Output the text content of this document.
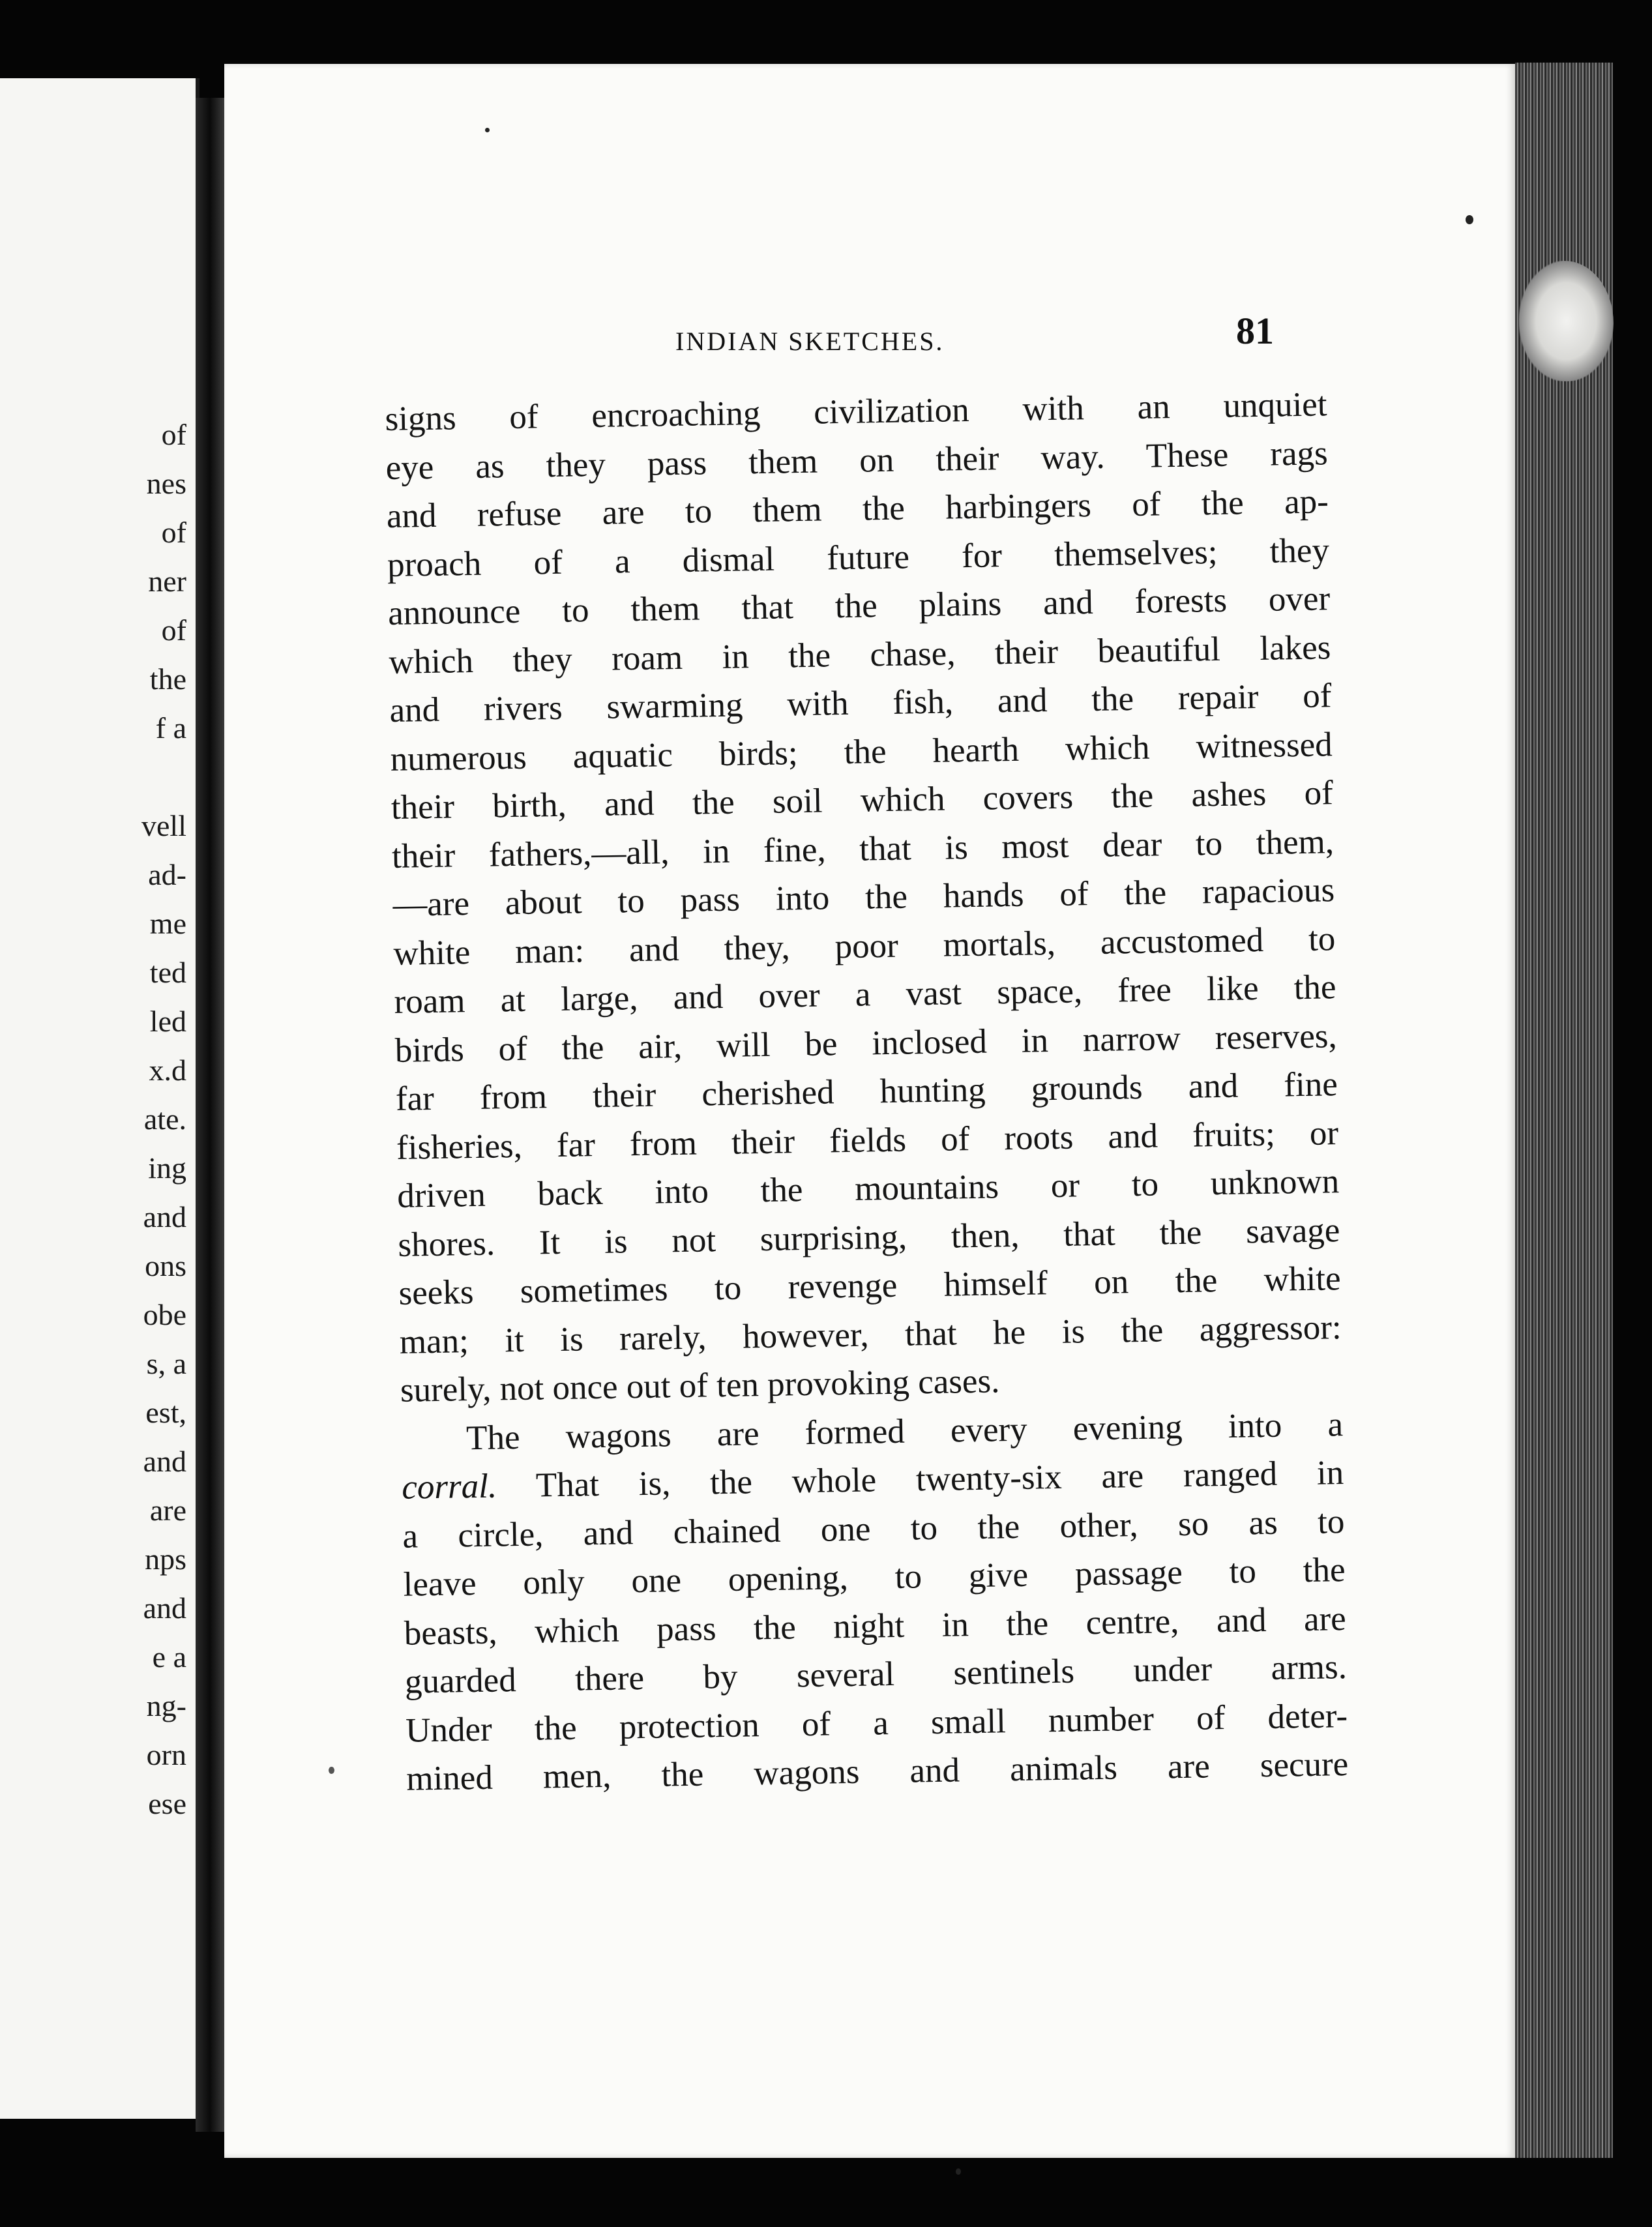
of

nes

of

ner

of

the

f a

vell

ad-

me

ted

led

x.d

ate.

ing

and

ons

obe

s, a

est,

and

are

nps

and

e a

ng-

orn

ese

INDIAN SKETCHES.	81

signs of encroaching civilization with an unquiet

eye as they pass them on their way. These rags

and refuse are to them the harbingers of the ap-

proach of a dismal future for themselves; they

announce to them that the plains and forests over

which they roam in the chase, their beautiful lakes

and rivers swarming with fish, and the repair of

numerous aquatic birds; the hearth which witnessed

their birth, and the soil which covers the ashes of

their fathers,—all, in fine, that is most dear to them,

—are about to pass into the hands of the rapacious

white man: and they, poor mortals, accustomed to

roam at large, and over a vast space, free like the

birds of the air, will be inclosed in narrow reserves,

far from their cherished hunting grounds and fine

fisheries, far from their fields of roots and fruits; or

driven back into the mountains or to unknown

shores. It is not surprising, then, that the savage

seeks sometimes to revenge himself on the white

man; it is rarely, however, that he is the aggressor:

surely, not once out of ten provoking cases.

The wagons are formed every evening into a

corral. That is, the whole twenty-six are ranged in

a circle, and chained one to the other, so as to

leave only one opening, to give passage to the

beasts, which pass the night in the centre, and are

guarded there by several sentinels under arms.

Under the protection of a small number of deter-

mined men, the wagons and animals are secure
